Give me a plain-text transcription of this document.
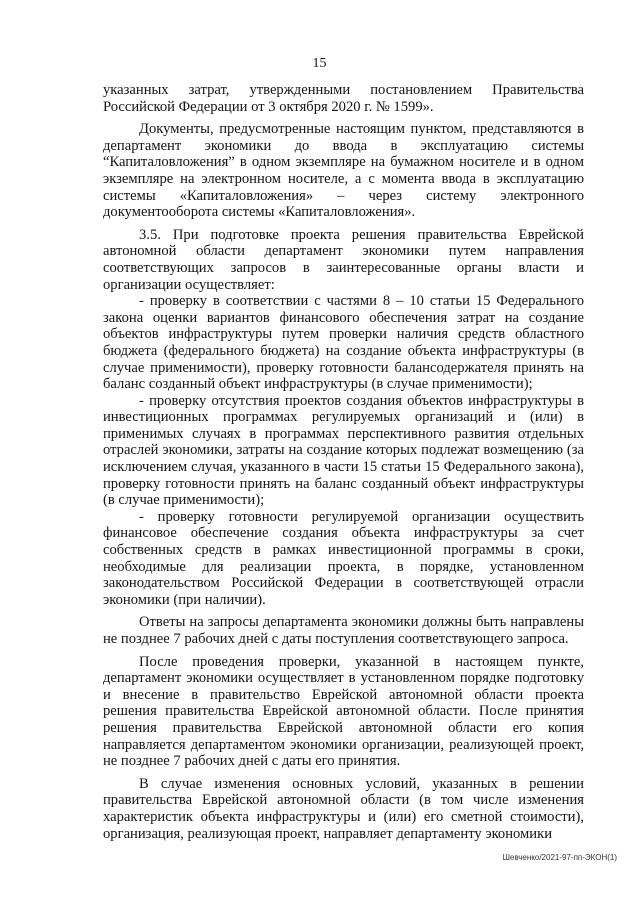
15

указанных затрат, утвержденными постановлением Правительства Российской Федерации от 3 октября 2020 г. № 1599».

Документы, предусмотренные настоящим пунктом, представляются в департамент экономики до ввода в эксплуатацию системы “Капиталовложения” в одном экземпляре на бумажном носителе и в одном экземпляре на электронном носителе, а с момента ввода в эксплуатацию системы «Капиталовложения» – через систему электронного документооборота системы «Капиталовложения».

3.5. При подготовке проекта решения правительства Еврейской автономной области департамент экономики путем направления соответствующих запросов в заинтересованные органы власти и организации осуществляет:

- проверку в соответствии с частями 8 – 10 статьи 15 Федерального закона оценки вариантов финансового обеспечения затрат на создание объектов инфраструктуры путем проверки наличия средств областного бюджета (федерального бюджета) на создание объекта инфраструктуры (в случае применимости), проверку готовности балансодержателя принять на баланс созданный объект инфраструктуры (в случае применимости);

- проверку отсутствия проектов создания объектов инфраструктуры в инвестиционных программах регулируемых организаций и (или) в применимых случаях в программах перспективного развития отдельных отраслей экономики, затраты на создание которых подлежат возмещению (за исключением случая, указанного в части 15 статьи 15 Федерального закона), проверку готовности принять на баланс созданный объект инфраструктуры (в случае применимости);

- проверку готовности регулируемой организации осуществить финансовое обеспечение создания объекта инфраструктуры за счет собственных средств в рамках инвестиционной программы в сроки, необходимые для реализации проекта, в порядке, установленном законодательством Российской Федерации в соответствующей отрасли экономики (при наличии).

Ответы на запросы департамента экономики должны быть направлены не позднее 7 рабочих дней с даты поступления соответствующего запроса.

После проведения проверки, указанной в настоящем пункте, департамент экономики осуществляет в установленном порядке подготовку и внесение в правительство Еврейской автономной области проекта решения правительства Еврейской автономной области. После принятия решения правительства Еврейской автономной области его копия направляется департаментом экономики организации, реализующей проект, не позднее 7 рабочих дней с даты его принятия.

В случае изменения основных условий, указанных в решении правительства Еврейской автономной области (в том числе изменения характеристик объекта инфраструктуры и (или) его сметной стоимости), организация, реализующая проект, направляет департаменту экономики

Шевченко/2021-97-пп-ЭКОН(1)
